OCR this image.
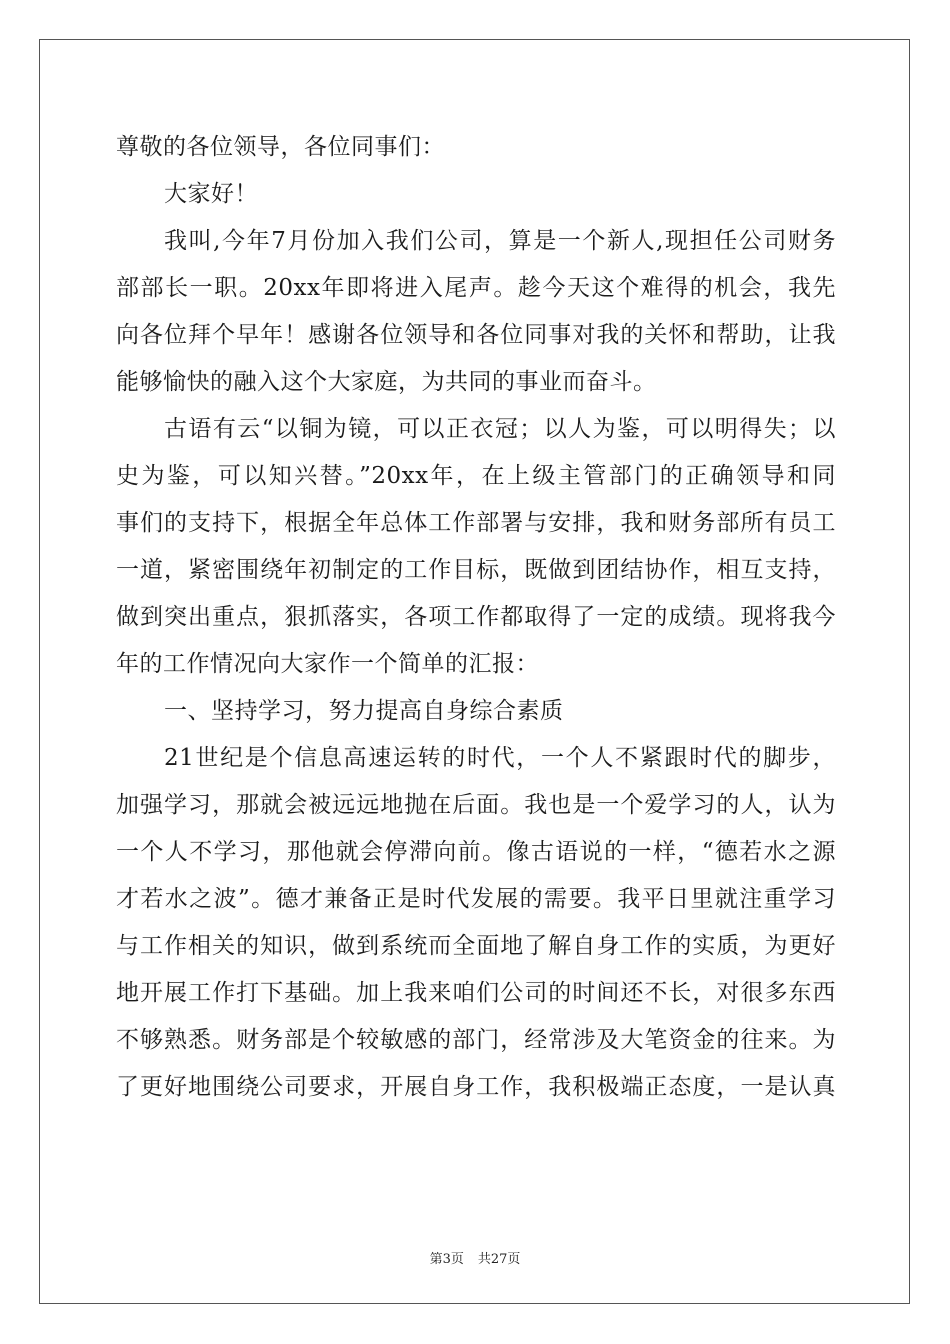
尊敬的各位领导，各位同事们：
大家好！
我叫,今年7月份加入我们公司，算是一个新人,现担任公司财务
部部长一职。20xx年即将进入尾声。趁今天这个难得的机会，我先
向各位拜个早年！感谢各位领导和各位同事对我的关怀和帮助，让我
能够愉快的融入这个大家庭，为共同的事业而奋斗。
古语有云“以铜为镜，可以正衣冠；以人为鉴，可以明得失；以
史为鉴，可以知兴替。”20xx年，在上级主管部门的正确领导和同
事们的支持下，根据全年总体工作部署与安排，我和财务部所有员工
一道，紧密围绕年初制定的工作目标，既做到团结协作，相互支持，
做到突出重点，狠抓落实，各项工作都取得了一定的成绩。现将我今
年的工作情况向大家作一个简单的汇报：
一、坚持学习，努力提高自身综合素质
21世纪是个信息高速运转的时代，一个人不紧跟时代的脚步，
加强学习，那就会被远远地抛在后面。我也是一个爱学习的人，认为
一个人不学习，那他就会停滞向前。像古语说的一样，“德若水之源
才若水之波”。德才兼备正是时代发展的需要。我平日里就注重学习
与工作相关的知识，做到系统而全面地了解自身工作的实质，为更好
地开展工作打下基础。加上我来咱们公司的时间还不长，对很多东西
不够熟悉。财务部是个较敏感的部门，经常涉及大笔资金的往来。为
了更好地围绕公司要求，开展自身工作，我积极端正态度，一是认真
第3页 共27页
